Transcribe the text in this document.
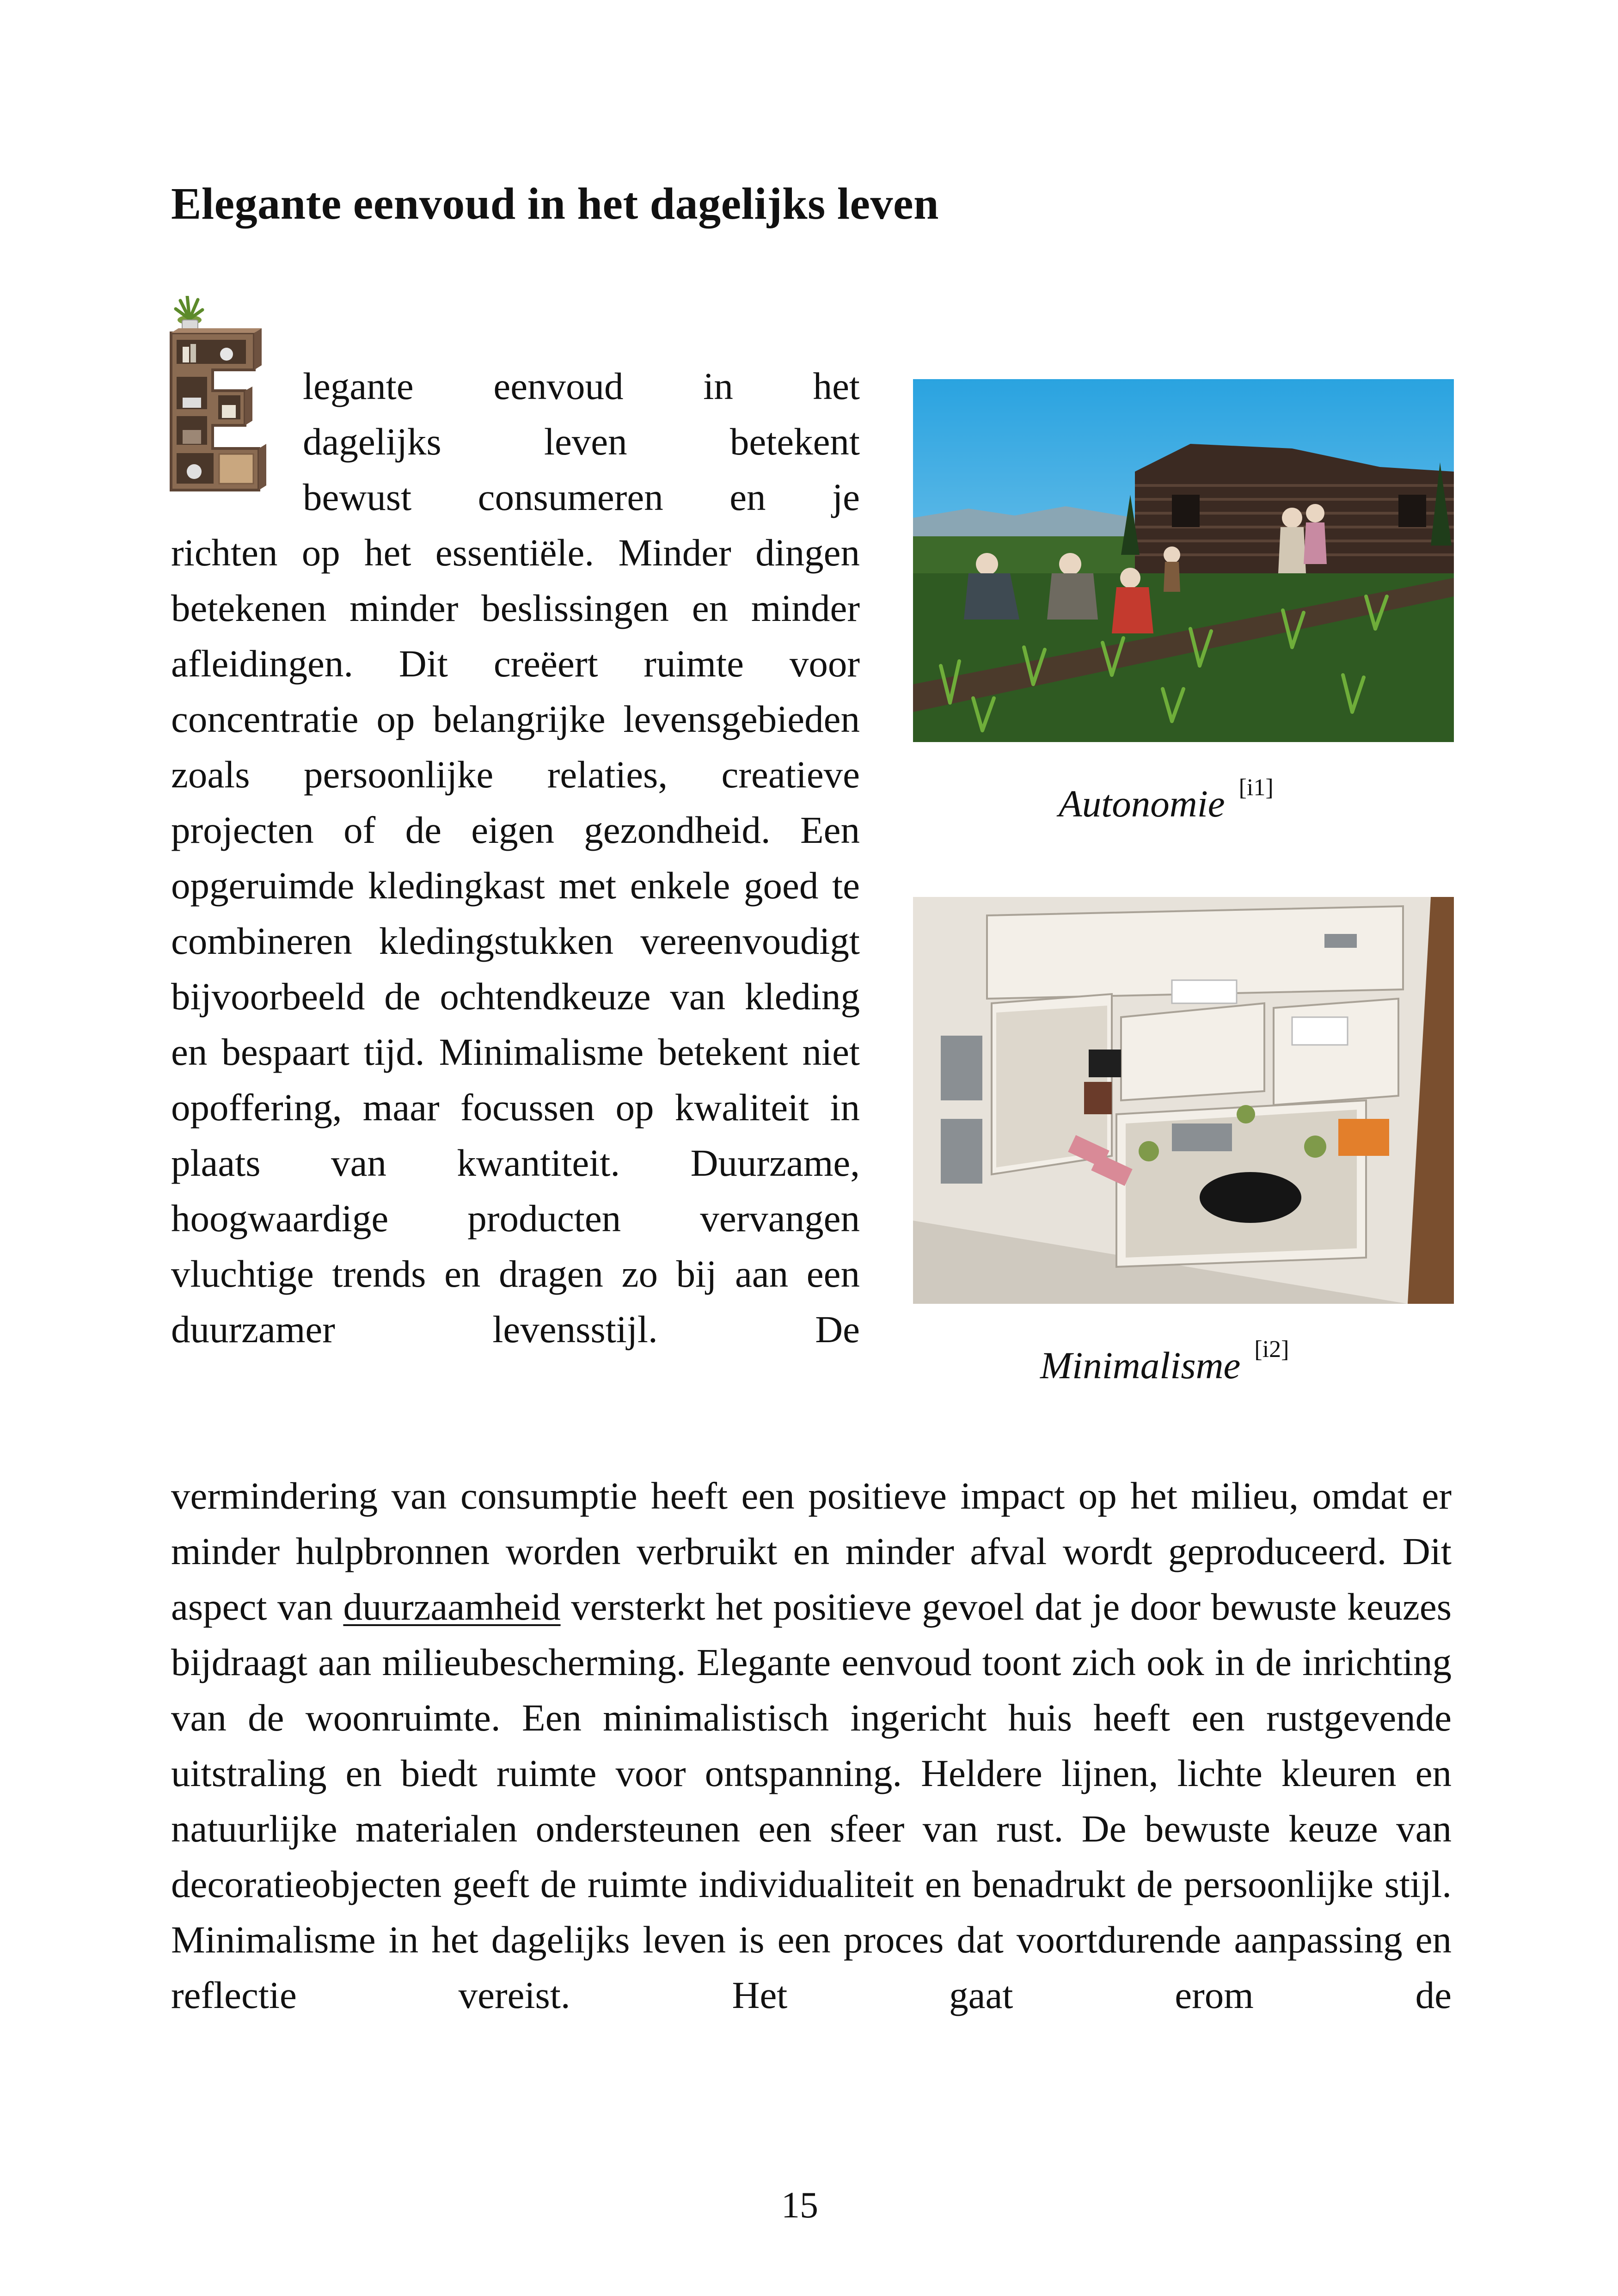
Elegante eenvoud in het dagelijks leven
legante eenvoud in het
dagelijks leven betekent
bewust consumeren en je
richten op het essentiële. Minder dingen betekenen minder beslissingen en minder afleidingen. Dit creëert ruimte voor concentratie op belangrijke levensgebieden zoals persoonlijke relaties, creatieve projecten of de eigen gezondheid. Een opgeruimde kledingkast met enkele goed te combineren kledingstukken vereenvoudigt bijvoorbeeld de ochtendkeuze van kleding en bespaart tijd. Minimalisme betekent niet opoffering, maar focussen op kwaliteit in plaats van kwantiteit. Duurzame, hoogwaardige producten vervangen vluchtige trends en dragen zo bij aan een duurzamer levensstijl. De
Autonomie [i1]
Minimalisme [i2]
vermindering van consumptie heeft een positieve impact op het milieu, omdat er minder hulpbronnen worden verbruikt en minder afval wordt geproduceerd. Dit aspect van duurzaamheid versterkt het positieve gevoel dat je door bewuste keuzes bijdraagt aan milieubescherming. Elegante eenvoud toont zich ook in de inrichting van de woonruimte. Een minimalistisch ingericht huis heeft een rustgevende uitstraling en biedt ruimte voor ontspanning. Heldere lijnen, lichte kleuren en natuurlijke materialen ondersteunen een sfeer van rust. De bewuste keuze van decoratieobjecten geeft de ruimte individualiteit en benadrukt de persoonlijke stijl. Minimalisme in het dagelijks leven is een proces dat voortdurende aanpassing en reflectie vereist. Het gaat erom de
15
